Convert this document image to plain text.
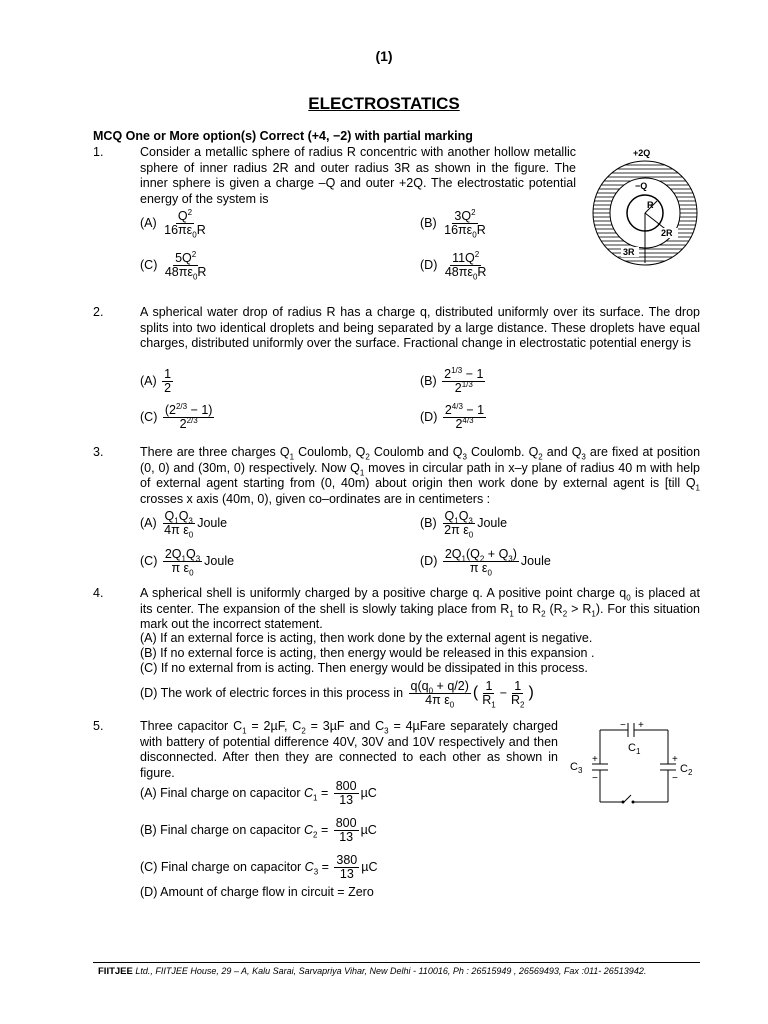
(1)
ELECTROSTATICS
MCQ One or More option(s) Correct (+4, −2) with partial marking
1.	Consider a metallic sphere of radius R concentric with another hollow metallic sphere of inner radius 2R and outer radius 3R as shown in the figure. The inner sphere is given a charge –Q and outer +2Q. The electrostatic potential energy of the system is
$(A) \frac{Q^2}{16\pi\varepsilon_0R}$	$(B) \frac{3Q^2}{16\pi\varepsilon_0R}$
$(C) \frac{5Q^2}{48\pi\varepsilon_0R}$	$(D) \frac{11Q^2}{48\pi\varepsilon_0R}$
+2Q
−Q
R
2R
3R
2.	A spherical water drop of radius R has a charge q, distributed uniformly over its surface. The drop splits into two identical droplets and being separated by a large distance. These droplets have equal charges, distributed uniformly over the surface. Fractional change in electrostatic potential energy is
$(A) \frac{1}{2}$	$(B) \frac{2^{1/3} - 1}{2^{1/3}}$
$(C) \frac{(2^{2/3} - 1)}{2^{2/3}}$	$(D) \frac{2^{4/3} - 1}{2^{4/3}}$
3.	There are three charges $Q_1$ Coulomb, $Q_2$ Coulomb and $Q_3$ Coulomb. $Q_2$ and $Q_3$ are fixed at position (0, 0) and (30m, 0) respectively. Now $Q_1$ moves in circular path in x–y plane of radius 40 m with help of external agent starting from (0, 40m) about origin then work done by external agent is [till $Q_1$ crosses x axis (40m, 0), given co–ordinates are in centimeters :
$(A) \frac{Q_1Q_3}{4\pi \varepsilon_0}$ Joule	$(B) \frac{Q_1Q_3}{2\pi \varepsilon_0}$ Joule
$(C) \frac{2Q_1Q_3}{\pi \varepsilon_0}$ Joule	$(D) \frac{2Q_1(Q_2 + Q_3)}{\pi \varepsilon_0}$ Joule
4.	A spherical shell is uniformly charged by a positive charge q. A positive point charge $q_0$ is placed at its center. The expansion of the shell is slowly taking place from $R_1$ to $R_2$ $(R_2 > R_1)$. For this situation mark out the incorrect statement.
(A) If an external force is acting, then work done by the external agent is negative.
(B) If no external force is acting, then energy would be released in this expansion .
(C) If no external from is acting. Then energy would be dissipated in this process.
(D) The work of electric forces in this process in $\frac{q(q_0 + q/2)}{4\pi \varepsilon_0}$ ( $\frac{1}{R_1} - \frac{1}{R_2}$ )
5.	Three capacitor $C_1 = 2\mu F$, $C_2 = 3\mu F$ and $C_3$ = 4µFare separately charged with battery of potential difference 40V, 30V and 10V respectively and then disconnected. After then they are connected to each other as shown in figure.
(A) Final charge on capacitor $C_1 = \frac{800}{13}$ µC
(B) Final charge on capacitor $C_2 = \frac{800}{13}$ µC
(C) Final charge on capacitor $C_3 = \frac{380}{13}$ µC
(D) Amount of charge flow in circuit = Zero
− +
$C_1$
+
−
$C_3$
+
−
$C_2$
FIITJEE Ltd., FIITJEE House, 29 – A, Kalu Sarai, Sarvapriya Vihar, New Delhi - 110016, Ph : 26515949 , 26569493, Fax :011- 26513942.
